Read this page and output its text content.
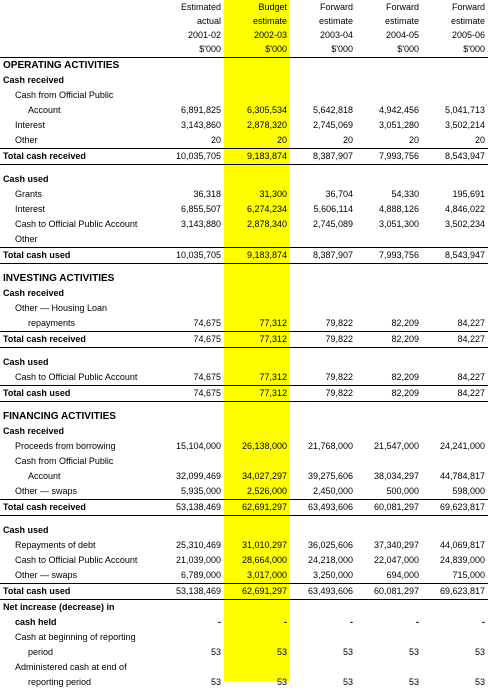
	Estimated	Budget	Forward	Forward	Forward
	actual	estimate	estimate	estimate	estimate
	2001-02	2002-03	2003-04	2004-05	2005-06
	$'000	$'000	$'000	$'000	$'000
OPERATING ACTIVITIES					
Cash received					
Cash from Official Public					
Account	6,891,825	6,305,534	5,642,818	4,942,456	5,041,713
Interest	3,143,860	2,878,320	2,745,069	3,051,280	3,502,214
Other	20	20	20	20	20
Total cash received	10,035,705	9,183,874	8,387,907	7,993,756	8,543,947

Cash used					
Grants	36,318	31,300	36,704	54,330	195,691
Interest	6,855,507	6,274,234	5,606,114	4,888,126	4,846,022
Cash to Official Public Account	3,143,880	2,878,340	2,745,089	3,051,300	3,502,234
Other					
Total cash used	10,035,705	9,183,874	8,387,907	7,993,756	8,543,947

INVESTING ACTIVITIES					
Cash received					
Other — Housing Loan					
repayments	74,675	77,312	79,822	82,209	84,227
Total cash received	74,675	77,312	79,822	82,209	84,227

Cash used					
Cash to Official Public Account	74,675	77,312	79,822	82,209	84,227
Total cash used	74,675	77,312	79,822	82,209	84,227

FINANCING ACTIVITIES					
Cash received					
Proceeds from borrowing	15,104,000	26,138,000	21,768,000	21,547,000	24,241,000
Cash from Official Public					
Account	32,099,469	34,027,297	39,275,606	38,034,297	44,784,817
Other — swaps	5,935,000	2,526,000	2,450,000	500,000	598,000
Total cash received	53,138,469	62,691,297	63,493,606	60,081,297	69,623,817

Cash used					
Repayments of debt	25,310,469	31,010,297	36,025,606	37,340,297	44,069,817
Cash to Official Public Account	21,039,000	28,664,000	24,218,000	22,047,000	24,839,000
Other — swaps	6,789,000	3,017,000	3,250,000	694,000	715,000
Total cash used	53,138,469	62,691,297	63,493,606	60,081,297	69,623,817
Net increase (decrease) in					
cash held	-	-	-	-	-
Cash at beginning of reporting					
period	53	53	53	53	53
Administered cash at end of					
reporting period	53	53	53	53	53
